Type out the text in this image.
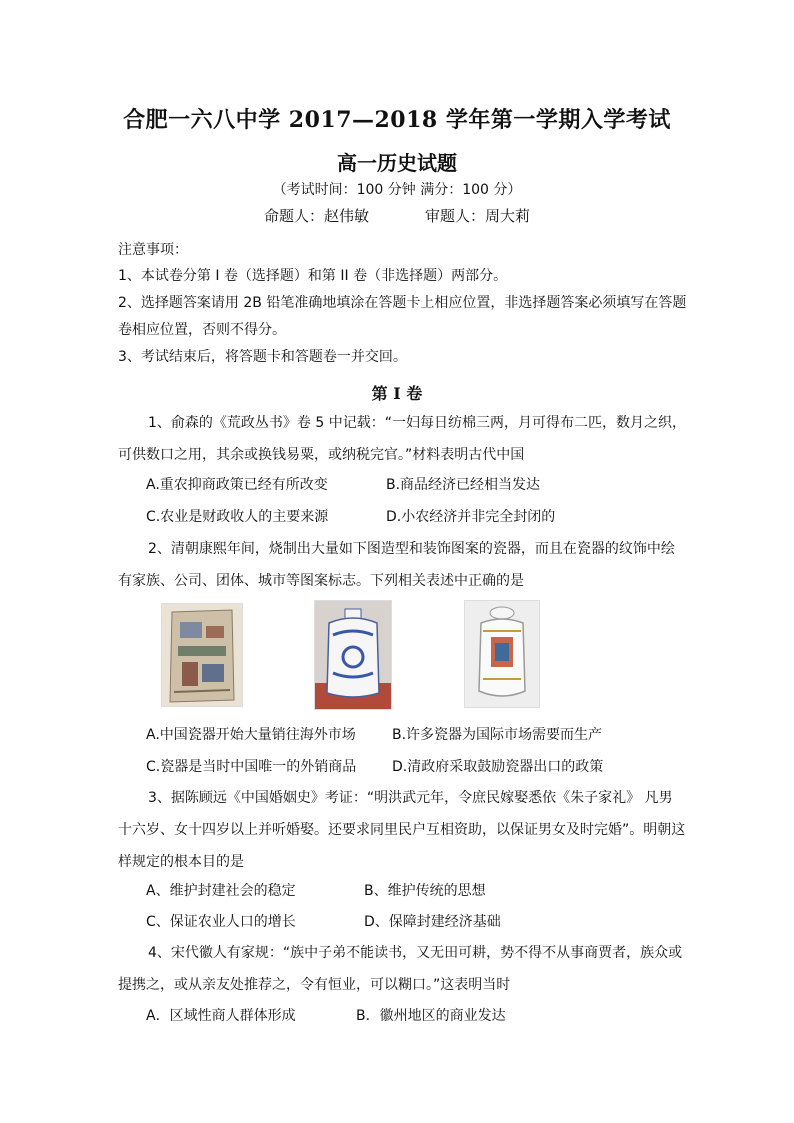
合肥一六八中学 2017—2018 学年第一学期入学考试
高一历史试题
（考试时间：100 分钟 满分：100 分）
命题人：赵伟敏	审题人：周大莉
注意事项：
1、本试卷分第 I 卷（选择题）和第 II 卷（非选择题）两部分。
2、选择题答案请用 2B 铅笔准确地填涂在答题卡上相应位置，非选择题答案必须填写在答题
卷相应位置，否则不得分。
3、考试结束后，将答题卡和答题卷一并交回。
第 I 卷
1、俞森的《荒政丛书》卷 5 中记载：“一妇每日纺棉三两，月可得布二匹，数月之织，可供数口之用，其余或换钱易粟，或纳税完官。”材料表明古代中国
A.重农抑商政策已经有所改变	B.商品经济已经相当发达
C.农业是财政收人的主要来源	D.小农经济并非完全封闭的
2、清朝康熙年间，烧制出大量如下图造型和装饰图案的瓷器，而且在瓷器的纹饰中绘有家族、公司、团体、城市等图案标志。下列相关表述中正确的是
A.中国瓷器开始大量销往海外市场	B.许多瓷器为国际市场需要而生产
C.瓷器是当时中国唯一的外销商品	D.清政府采取鼓励瓷器出口的政策
3、据陈顾远《中国婚姻史》考证：“明洪武元年，令庶民嫁娶悉依《朱子家礼》 凡男十六岁、女十四岁以上并听婚娶。还要求同里民户互相资助，以保证男女及时完婚”。明朝这样规定的根本目的是
A、维护封建社会的稳定	B、维护传统的思想
C、保证农业人口的增长	D、保障封建经济基础
4、宋代徽人有家规：“族中子弟不能读书，又无田可耕，势不得不从事商贾者，族众或提携之，或从亲友处推荐之，令有恒业，可以糊口。”这表明当时
A．区域性商人群体形成	B．徽州地区的商业发达
